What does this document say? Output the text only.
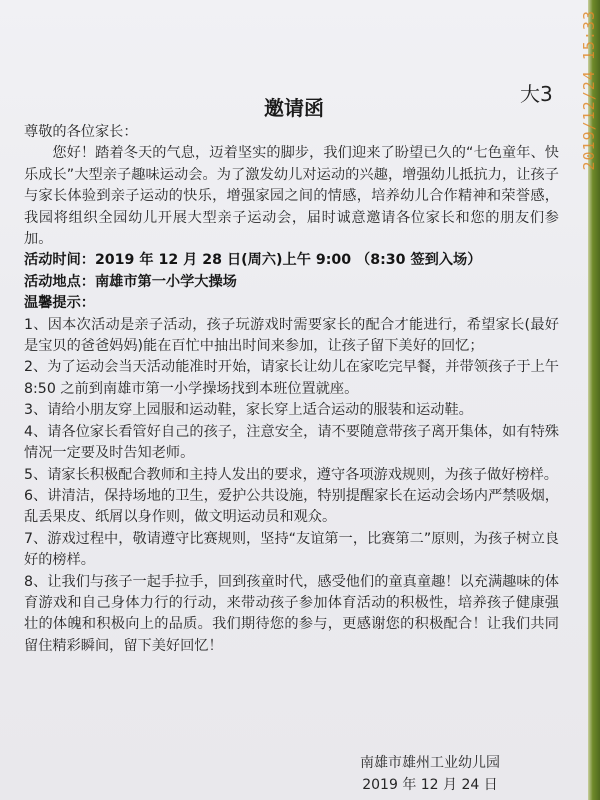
大3
邀请函

尊敬的各位家长：

您好！踏着冬天的气息，迈着坚实的脚步，我们迎来了盼望已久的“七色童年、快乐成长”大型亲子趣味运动会。为了激发幼儿对运动的兴趣，增强幼儿抵抗力，让孩子与家长体验到亲子运动的快乐，增强家园之间的情感，培养幼儿合作精神和荣誉感，我园将组织全园幼儿开展大型亲子运动会，届时诚意邀请各位家长和您的朋友们参加。

活动时间：2019 年 12 月 28 日(周六)上午 9:00 （8:30 签到入场）

活动地点：南雄市第一小学大操场

温馨提示：

1、因本次活动是亲子活动，孩子玩游戏时需要家长的配合才能进行，希望家长(最好是宝贝的爸爸妈妈)能在百忙中抽出时间来参加，让孩子留下美好的回忆；

2、为了运动会当天活动能准时开始，请家长让幼儿在家吃完早餐，并带领孩子于上午 8:50 之前到南雄市第一小学操场找到本班位置就座。

3、请给小朋友穿上园服和运动鞋，家长穿上适合运动的服装和运动鞋。

4、请各位家长看管好自己的孩子，注意安全，请不要随意带孩子离开集体，如有特殊情况一定要及时告知老师。

5、请家长积极配合教师和主持人发出的要求，遵守各项游戏规则，为孩子做好榜样。

6、讲清洁，保持场地的卫生，爱护公共设施，特别提醒家长在运动会场内严禁吸烟，乱丢果皮、纸屑以身作则，做文明运动员和观众。

7、游戏过程中，敬请遵守比赛规则，坚持“友谊第一，比赛第二”原则，为孩子树立良好的榜样。

8、让我们与孩子一起手拉手，回到孩童时代，感受他们的童真童趣！以充满趣味的体育游戏和自己身体力行的行动，来带动孩子参加体育活动的积极性，培养孩子健康强壮的体魄和积极向上的品质。我们期待您的参与，更感谢您的积极配合！让我们共同留住精彩瞬间，留下美好回忆！

南雄市雄州工业幼儿园
2019 年 12 月 24 日
2019/12/24 15:33
